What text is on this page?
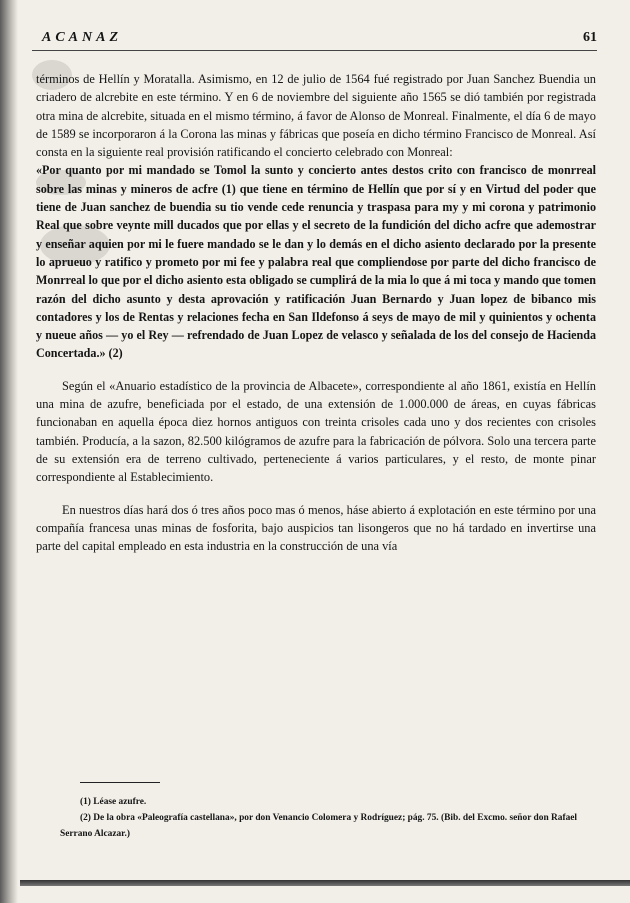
ACANAZ	61

términos de Hellín y Moratalla. Asimismo, en 12 de julio de 1564 fué registrado por Juan Sanchez Buendia un criadero de alcrebite en este término. Y en 6 de noviembre del siguiente año 1565 se dió también por registrada otra mina de alcrebite, situada en el mismo término, á favor de Alonso de Monreal. Finalmente, el día 6 de mayo de 1589 se incorporaron á la Corona las minas y fábricas que poseía en dicho término Francisco de Monreal. Así consta en la siguiente real provisión ratificando el concierto celebrado con Monreal:

«Por quanto por mi mandado se Tomol la sunto y concierto antes destos crito con francisco de monrreal sobre las minas y mineros de acfre (1) que tiene en término de Hellín que por sí y en Virtud del poder que tiene de Juan sanchez de buendia su tio vende cede renuncia y traspasa para my y mi corona y patrimonio Real que sobre veynte mill ducados que por ellas y el secreto de la fundición del dicho acfre que ademostrar y enseñar aquien por mi le fuere mandado se le dan y lo demás en el dicho asiento declarado por la presente lo aprueuo y ratifico y prometo por mi fee y palabra real que compliendose por parte del dicho francisco de Monrreal lo que por el dicho asiento esta obligado se cumplirá de la mia lo que á mi toca y mando que tomen razón del dicho asunto y desta aprovación y ratificación Juan Bernardo y Juan lopez de bibanco mis contadores y los de Rentas y relaciones fecha en San Ildefonso á seys de mayo de mil y quinientos y ochenta y nueue años — yo el Rey — refrendado de Juan Lopez de velasco y señalada de los del consejo de Hacienda Concertada.» (2)

Según el «Anuario estadístico de la provincia de Albacete», correspondiente al año 1861, existía en Hellín una mina de azufre, beneficiada por el estado, de una extensión de 1.000.000 de áreas, en cuyas fábricas funcionaban en aquella época diez hornos antiguos con treinta crisoles cada uno y dos recientes con crisoles también. Producía, a la sazon, 82.500 kilógramos de azufre para la fabricación de pólvora. Solo una tercera parte de su extensión era de terreno cultivado, perteneciente á varios particulares, y el resto, de monte pinar correspondiente al Establecimiento.

En nuestros días hará dos ó tres años poco mas ó menos, háse abierto á explotación en este término por una compañía francesa unas minas de fosforita, bajo auspicios tan lisongeros que no há tardado en invertirse una parte del capital empleado en esta industria en la construcción de una vía

(1) Léase azufre.

(2) De la obra «Paleografía castellana», por don Venancio Colomera y Rodríguez; pág. 75. (Bib. del Excmo. señor don Rafael Serrano Alcazar.)
